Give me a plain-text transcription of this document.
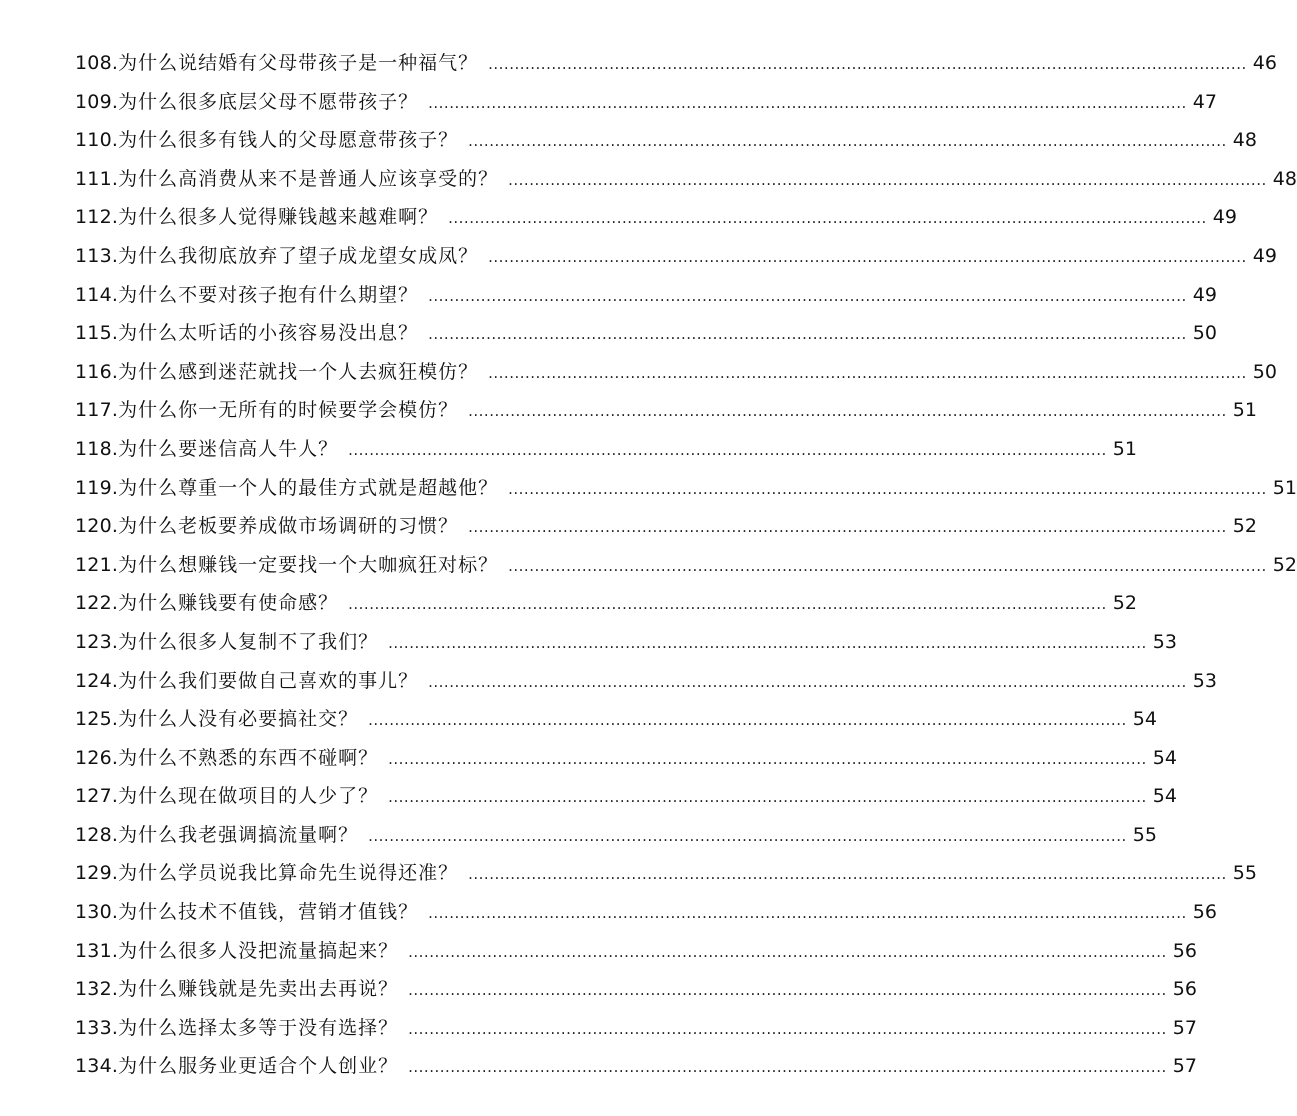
108. 为什么说结婚有父母带孩子是一种福气？ ................................................................................................................................................ 46
109. 为什么很多底层父母不愿带孩子？ ................................................................................................................................................ 47
110. 为什么很多有钱人的父母愿意带孩子？ ................................................................................................................................................ 48
111. 为什么高消费从来不是普通人应该享受的？ ................................................................................................................................................ 48
112. 为什么很多人觉得赚钱越来越难啊？ ................................................................................................................................................ 49
113. 为什么我彻底放弃了望子成龙望女成凤？ ................................................................................................................................................ 49
114. 为什么不要对孩子抱有什么期望？ ................................................................................................................................................ 49
115. 为什么太听话的小孩容易没出息？ ................................................................................................................................................ 50
116. 为什么感到迷茫就找一个人去疯狂模仿？ ................................................................................................................................................ 50
117. 为什么你一无所有的时候要学会模仿？ ................................................................................................................................................ 51
118. 为什么要迷信高人牛人？ ................................................................................................................................................ 51
119. 为什么尊重一个人的最佳方式就是超越他？ ................................................................................................................................................ 51
120. 为什么老板要养成做市场调研的习惯？ ................................................................................................................................................ 52
121. 为什么想赚钱一定要找一个大咖疯狂对标？ ................................................................................................................................................ 52
122. 为什么赚钱要有使命感？ ................................................................................................................................................ 52
123. 为什么很多人复制不了我们？ ................................................................................................................................................ 53
124. 为什么我们要做自己喜欢的事儿？ ................................................................................................................................................ 53
125. 为什么人没有必要搞社交？ ................................................................................................................................................ 54
126. 为什么不熟悉的东西不碰啊？ ................................................................................................................................................ 54
127. 为什么现在做项目的人少了？ ................................................................................................................................................ 54
128. 为什么我老强调搞流量啊？ ................................................................................................................................................ 55
129. 为什么学员说我比算命先生说得还准？ ................................................................................................................................................ 55
130. 为什么技术不值钱，营销才值钱？ ................................................................................................................................................ 56
131. 为什么很多人没把流量搞起来？ ................................................................................................................................................ 56
132. 为什么赚钱就是先卖出去再说？ ................................................................................................................................................ 56
133. 为什么选择太多等于没有选择？ ................................................................................................................................................ 57
134. 为什么服务业更适合个人创业？ ................................................................................................................................................ 57
